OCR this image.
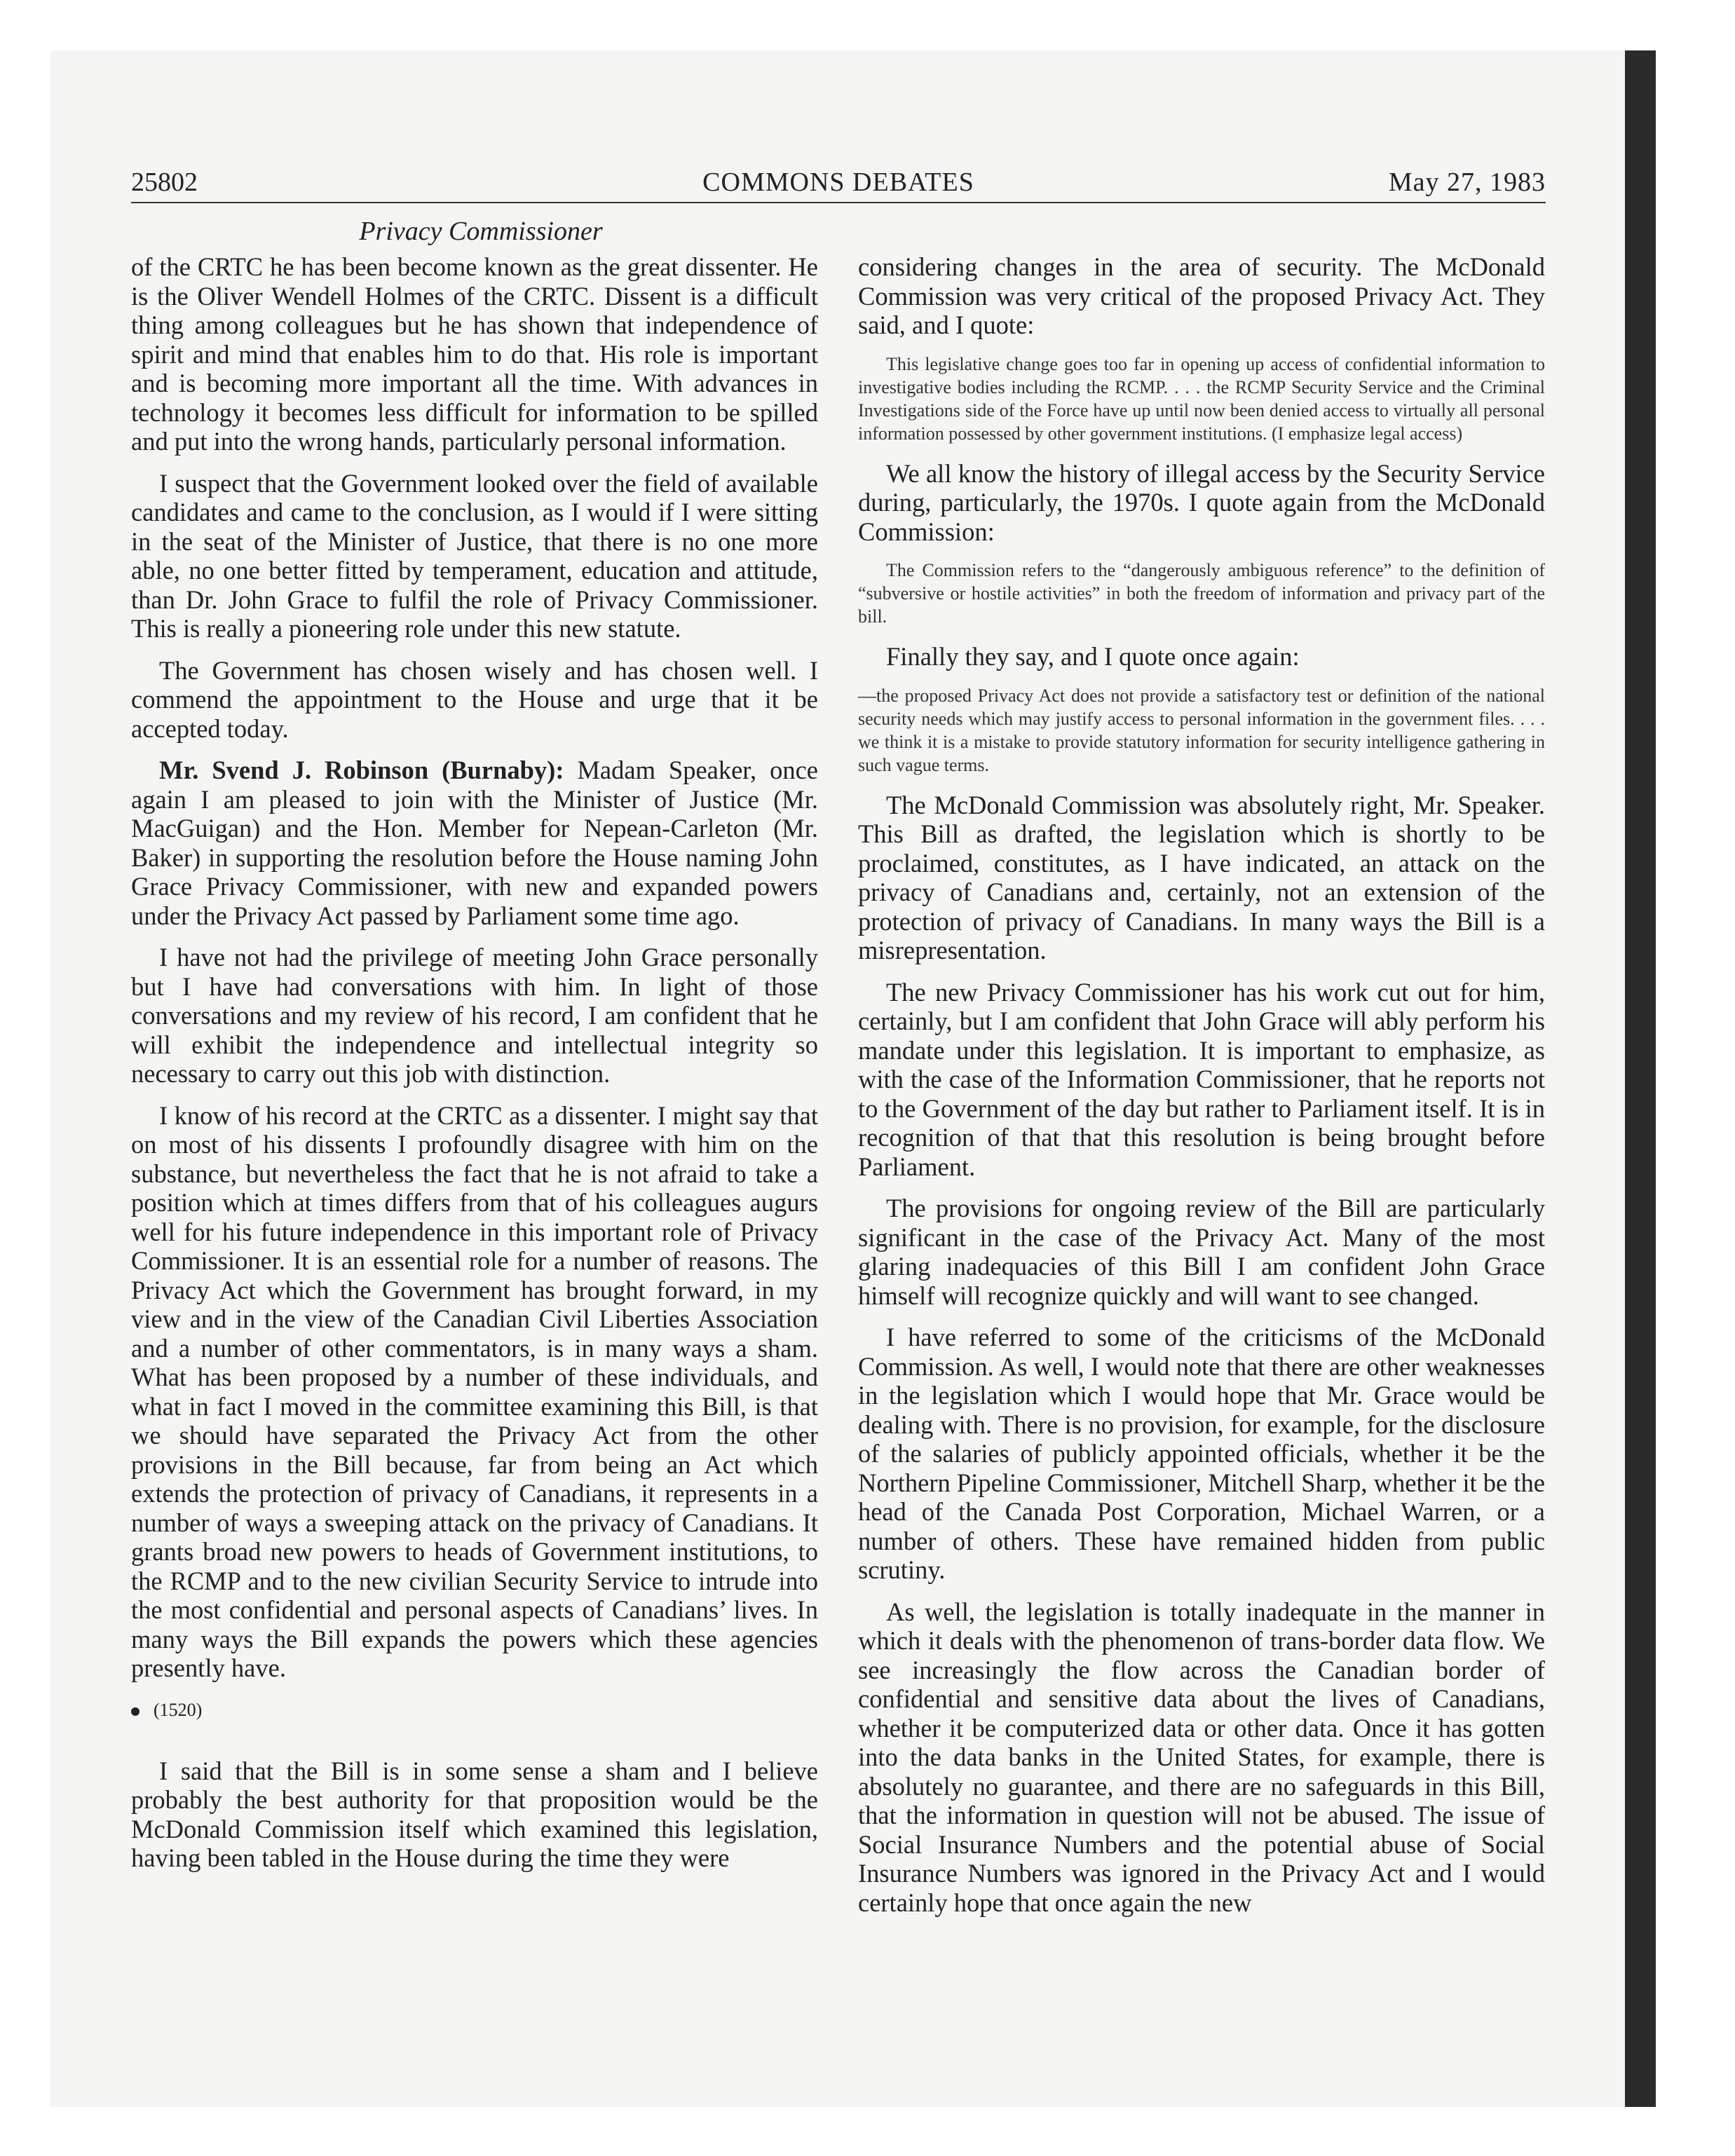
25802	COMMONS DEBATES	May 27, 1983
Privacy Commissioner

of the CRTC he has been become known as the great dissenter. He is the Oliver Wendell Holmes of the CRTC. Dissent is a difficult thing among colleagues but he has shown that independence of spirit and mind that enables him to do that. His role is important and is becoming more important all the time. With advances in technology it becomes less difficult for information to be spilled and put into the wrong hands, particularly personal information.

I suspect that the Government looked over the field of available candidates and came to the conclusion, as I would if I were sitting in the seat of the Minister of Justice, that there is no one more able, no one better fitted by temperament, education and attitude, than Dr. John Grace to fulfil the role of Privacy Commissioner. This is really a pioneering role under this new statute.

The Government has chosen wisely and has chosen well. I commend the appointment to the House and urge that it be accepted today.

Mr. Svend J. Robinson (Burnaby): Madam Speaker, once again I am pleased to join with the Minister of Justice (Mr. MacGuigan) and the Hon. Member for Nepean-Carleton (Mr. Baker) in supporting the resolution before the House naming John Grace Privacy Commissioner, with new and expanded powers under the Privacy Act passed by Parliament some time ago.

I have not had the privilege of meeting John Grace personally but I have had conversations with him. In light of those conversations and my review of his record, I am confident that he will exhibit the independence and intellectual integrity so necessary to carry out this job with distinction.

I know of his record at the CRTC as a dissenter. I might say that on most of his dissents I profoundly disagree with him on the substance, but nevertheless the fact that he is not afraid to take a position which at times differs from that of his colleagues augurs well for his future independence in this important role of Privacy Commissioner. It is an essential role for a number of reasons. The Privacy Act which the Government has brought forward, in my view and in the view of the Canadian Civil Liberties Association and a number of other commentators, is in many ways a sham. What has been proposed by a number of these individuals, and what in fact I moved in the committee examining this Bill, is that we should have separated the Privacy Act from the other provisions in the Bill because, far from being an Act which extends the protection of privacy of Canadians, it represents in a number of ways a sweeping attack on the privacy of Canadians. It grants broad new powers to heads of Government institutions, to the RCMP and to the new civilian Security Service to intrude into the most confidential and personal aspects of Canadians’ lives. In many ways the Bill expands the powers which these agencies presently have.

(1520)

I said that the Bill is in some sense a sham and I believe probably the best authority for that proposition would be the McDonald Commission itself which examined this legislation, having been tabled in the House during the time they were

considering changes in the area of security. The McDonald Commission was very critical of the proposed Privacy Act. They said, and I quote:

This legislative change goes too far in opening up access of confidential information to investigative bodies including the RCMP. . . . the RCMP Security Service and the Criminal Investigations side of the Force have up until now been denied access to virtually all personal information possessed by other government institutions. (I emphasize legal access)

We all know the history of illegal access by the Security Service during, particularly, the 1970s. I quote again from the McDonald Commission:

The Commission refers to the “dangerously ambiguous reference” to the definition of “subversive or hostile activities” in both the freedom of information and privacy part of the bill.

Finally they say, and I quote once again:

—the proposed Privacy Act does not provide a satisfactory test or definition of the national security needs which may justify access to personal information in the government files. . . . we think it is a mistake to provide statutory information for security intelligence gathering in such vague terms.

The McDonald Commission was absolutely right, Mr. Speaker. This Bill as drafted, the legislation which is shortly to be proclaimed, constitutes, as I have indicated, an attack on the privacy of Canadians and, certainly, not an extension of the protection of privacy of Canadians. In many ways the Bill is a misrepresentation.

The new Privacy Commissioner has his work cut out for him, certainly, but I am confident that John Grace will ably perform his mandate under this legislation. It is important to emphasize, as with the case of the Information Commissioner, that he reports not to the Government of the day but rather to Parliament itself. It is in recognition of that that this resolution is being brought before Parliament.

The provisions for ongoing review of the Bill are particularly significant in the case of the Privacy Act. Many of the most glaring inadequacies of this Bill I am confident John Grace himself will recognize quickly and will want to see changed.

I have referred to some of the criticisms of the McDonald Commission. As well, I would note that there are other weaknesses in the legislation which I would hope that Mr. Grace would be dealing with. There is no provision, for example, for the disclosure of the salaries of publicly appointed officials, whether it be the Northern Pipeline Commissioner, Mitchell Sharp, whether it be the head of the Canada Post Corporation, Michael Warren, or a number of others. These have remained hidden from public scrutiny.

As well, the legislation is totally inadequate in the manner in which it deals with the phenomenon of trans-border data flow. We see increasingly the flow across the Canadian border of confidential and sensitive data about the lives of Canadians, whether it be computerized data or other data. Once it has gotten into the data banks in the United States, for example, there is absolutely no guarantee, and there are no safeguards in this Bill, that the information in question will not be abused. The issue of Social Insurance Numbers and the potential abuse of Social Insurance Numbers was ignored in the Privacy Act and I would certainly hope that once again the new
